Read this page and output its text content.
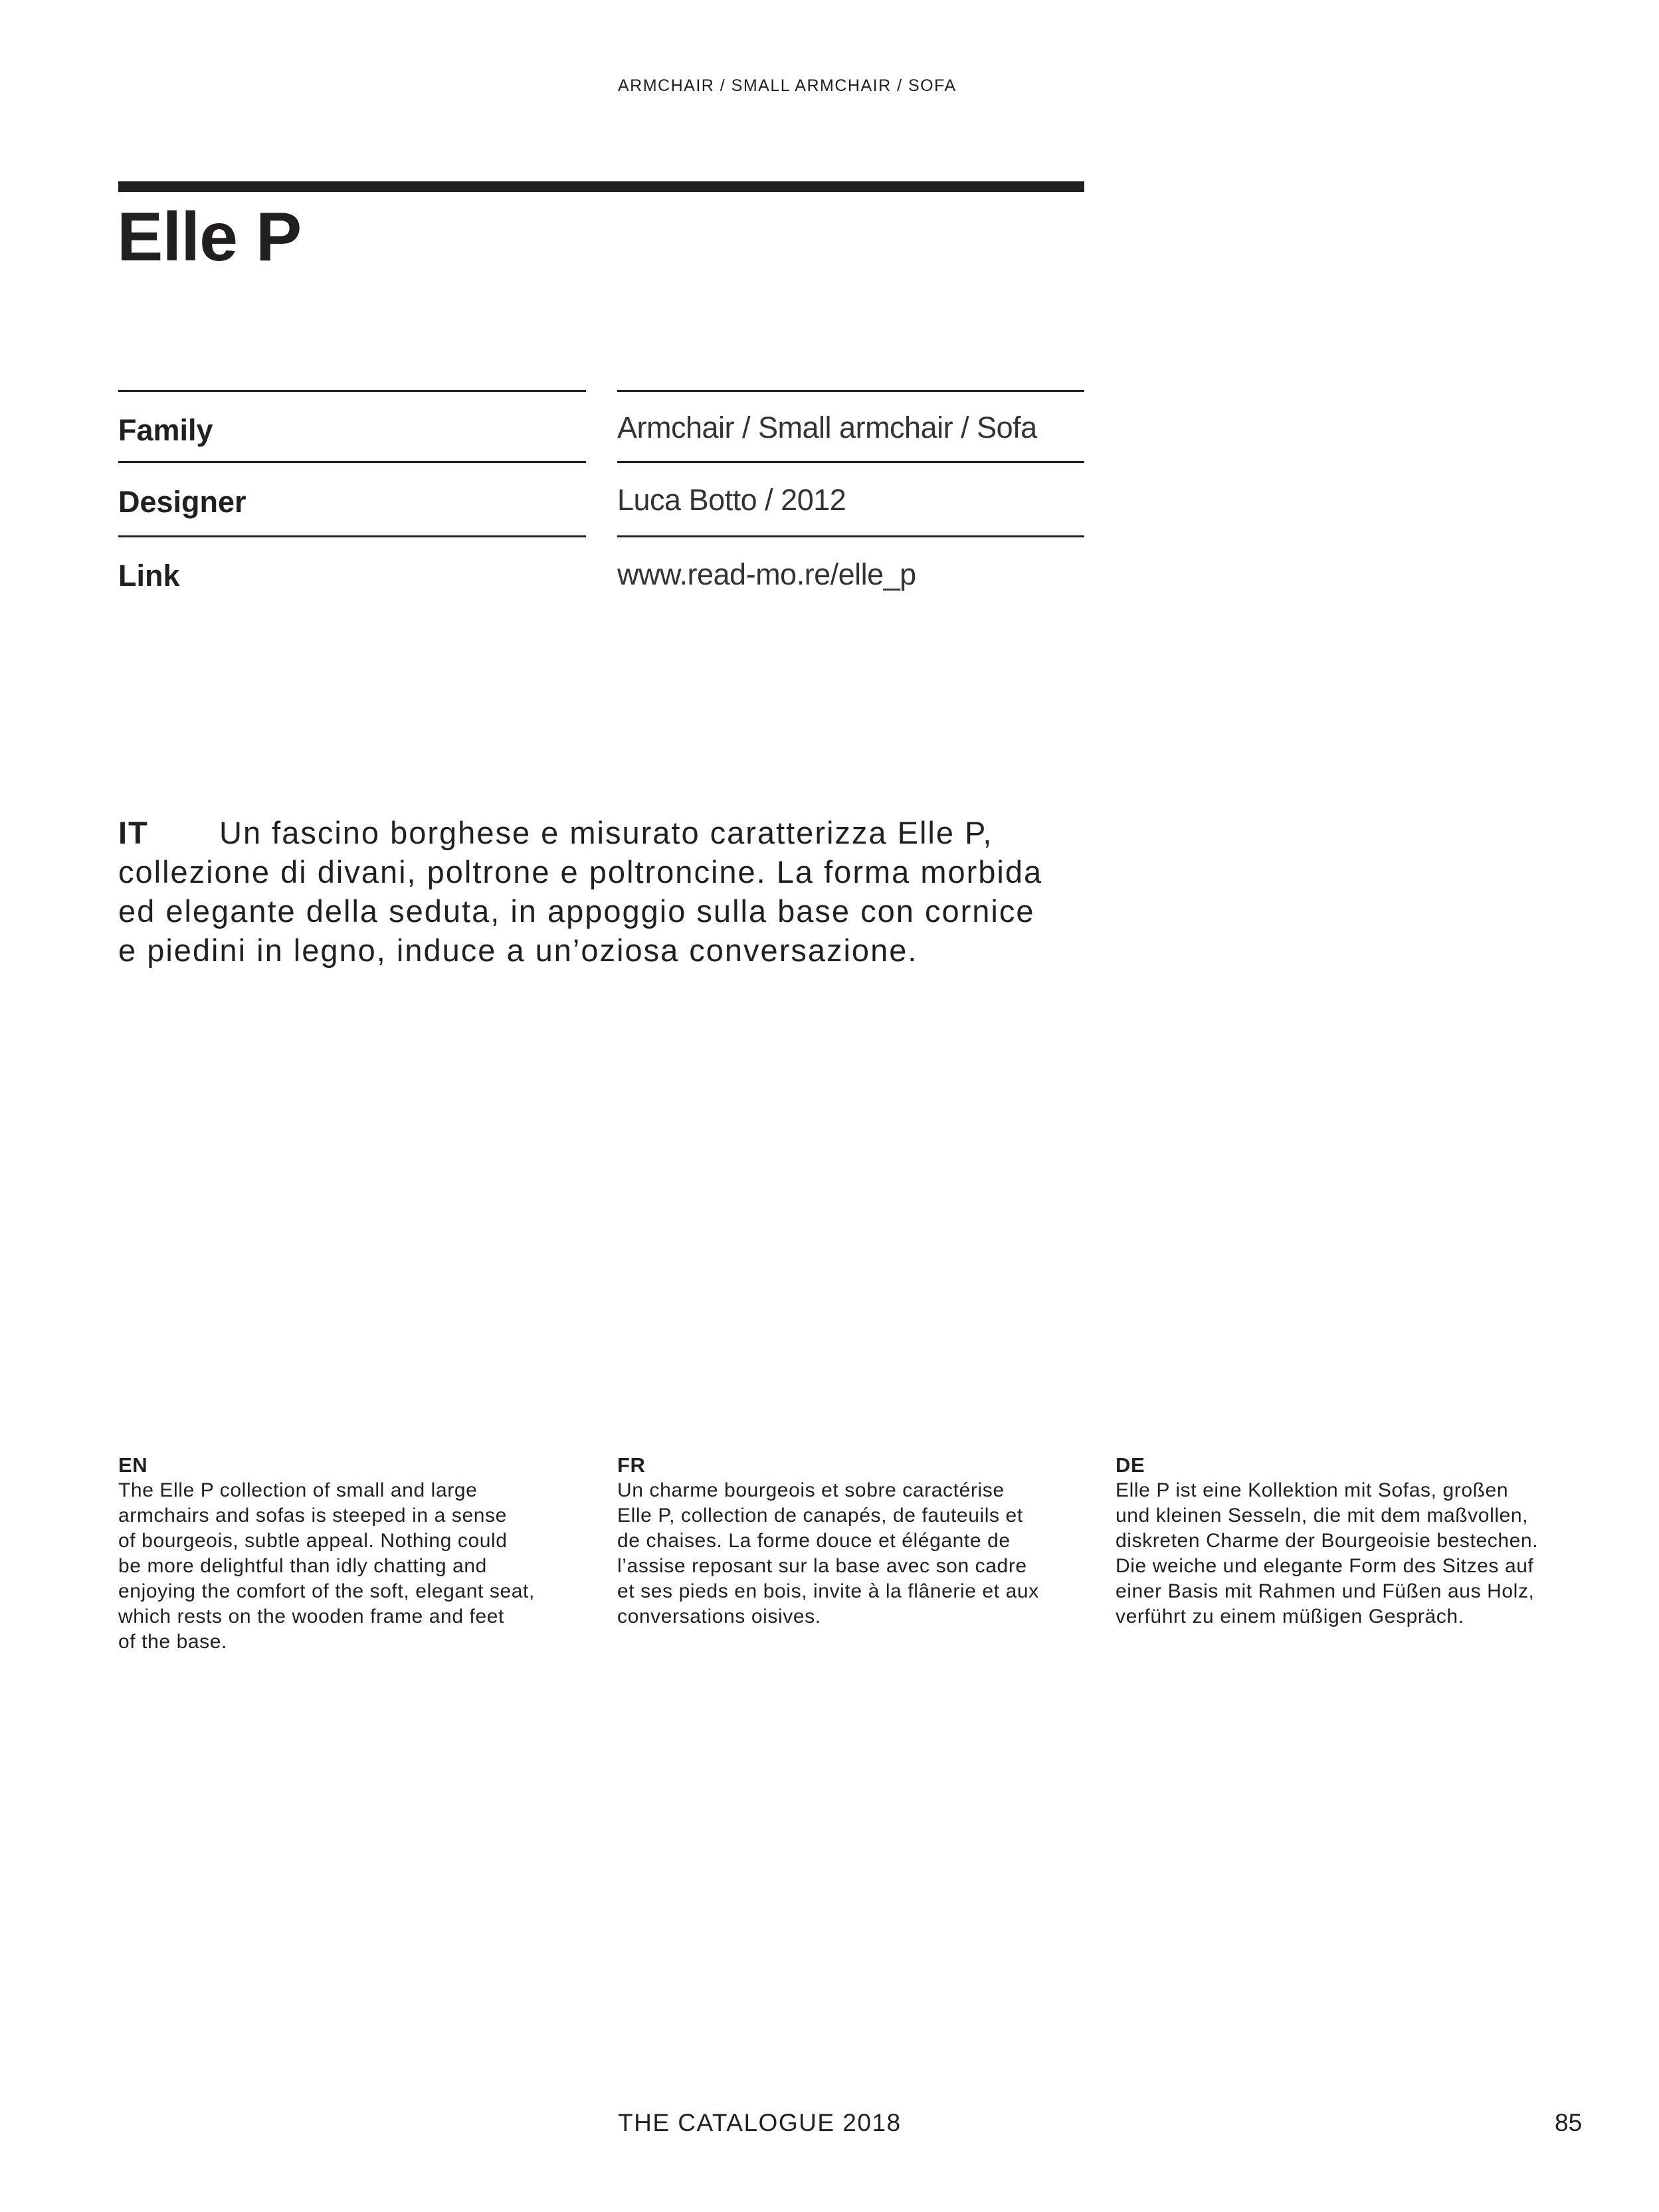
ARMCHAIR / SMALL ARMCHAIR / SOFA
Elle P
Family	Armchair / Small armchair / Sofa
Designer	Luca Botto / 2012
Link	www.read-mo.re/elle_p
IT Un fascino borghese e misurato caratterizza Elle P,
collezione di divani, poltrone e poltroncine. La forma morbida
ed elegante della seduta, in appoggio sulla base con cornice
e piedini in legno, induce a un’oziosa conversazione.
EN
The Elle P collection of small and large
armchairs and sofas is steeped in a sense
of bourgeois, subtle appeal. Nothing could
be more delightful than idly chatting and
enjoying the comfort of the soft, elegant seat,
which rests on the wooden frame and feet
of the base.
FR
Un charme bourgeois et sobre caractérise
Elle P, collection de canapés, de fauteuils et
de chaises. La forme douce et élégante de
l’assise reposant sur la base avec son cadre
et ses pieds en bois, invite à la flânerie et aux
conversations oisives.
DE
Elle P ist eine Kollektion mit Sofas, großen
und kleinen Sesseln, die mit dem maßvollen,
diskreten Charme der Bourgeoisie bestechen.
Die weiche und elegante Form des Sitzes auf
einer Basis mit Rahmen und Füßen aus Holz,
verführt zu einem müßigen Gespräch.
THE CATALOGUE 2018	85
